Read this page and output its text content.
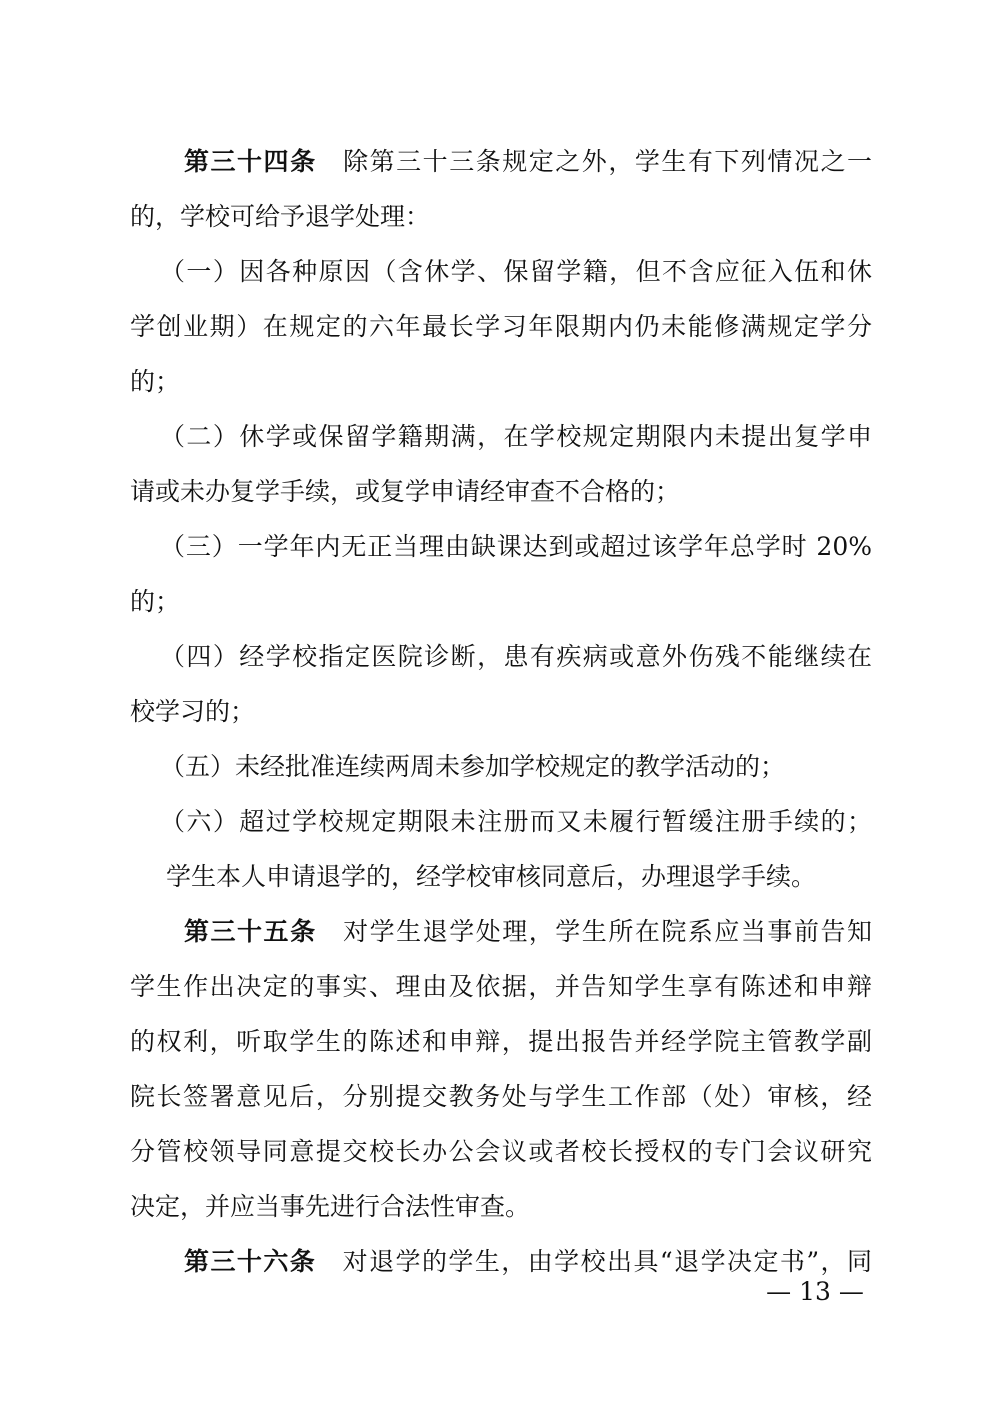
第三十四条　除第三十三条规定之外，学生有下列情况之一
的，学校可给予退学处理：
（一）因各种原因（含休学、保留学籍，但不含应征入伍和休
学创业期）在规定的六年最长学习年限期内仍未能修满规定学分
的；
（二）休学或保留学籍期满，在学校规定期限内未提出复学申
请或未办复学手续，或复学申请经审查不合格的；
（三）一学年内无正当理由缺课达到或超过该学年总学时 20%
的；
（四）经学校指定医院诊断，患有疾病或意外伤残不能继续在
校学习的；
（五）未经批准连续两周未参加学校规定的教学活动的；
（六）超过学校规定期限未注册而又未履行暂缓注册手续的；
学生本人申请退学的，经学校审核同意后，办理退学手续。
第三十五条　对学生退学处理，学生所在院系应当事前告知
学生作出决定的事实、理由及依据，并告知学生享有陈述和申辩
的权利，听取学生的陈述和申辩，提出报告并经学院主管教学副
院长签署意见后，分别提交教务处与学生工作部（处）审核，经
分管校领导同意提交校长办公会议或者校长授权的专门会议研究
决定，并应当事先进行合法性审查。
第三十六条　对退学的学生，由学校出具“退学决定书”，同
— 13 —
